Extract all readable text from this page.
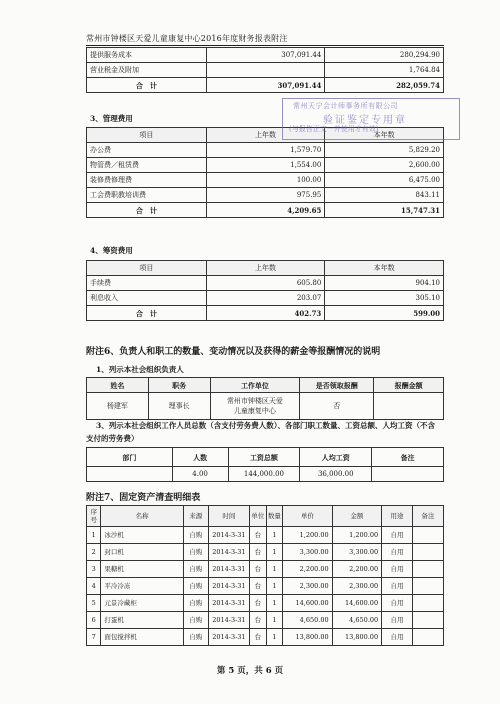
常州市钟楼区天爱儿童康复中心2016年度财务报表附注
提供服务成本	307,091.44	280,294.90
营业税金及附加		1,764.84
合　计	307,091.44	282,059.74
3、管理费用
项目	上年数	本年数
办公费	1,579.70	5,829.20
物管费／租赁费	1,554.00	2,600.00
装修费修理费	100.00	6,475.00
工会费职教培训费	975.95	843.11
合　计	4,209.65	15,747.31
常州天宁会计师事务所有限公司
验证鉴定专用章
(与报告正文一并使用才有效)
4、筹资费用
项目	上年数	本年数
手续费	605.80	904.10
利息收入	203.07	305.10
合　计	402.73	599.00
附注6、负责人和职工的数量、变动情况以及获得的薪金等报酬情况的说明
1、列示本社会组织负责人
姓名	职务	工作单位	是否领取报酬	报酬金额
杨建军	理事长	常州市钟楼区天爱
儿童康复中心	否	
3、列示本社会组织工作人员总数（含支付劳务费人数）、各部门职工数量、工资总额、人均工资（不含
支付的劳务费）
部门	人数	工资总额	人均工资	备注
	4.00	144,000.00	36,000.00	
附注7、固定资产清查明细表
序号	名称	来源	时间	单位	数量	单价	金额	用途	备注
1	冰沙机	自购	2014-3-31	台	1	1,200.00	1,200.00	自用	
2	封口机	自购	2014-3-31	台	1	3,300.00	3,300.00	自用	
3	果糖机	自购	2014-3-31	台	1	2,200.00	2,200.00	自用	
4	平冷冷冻	自购	2014-3-31	台	1	2,300.00	2,300.00	自用	
5	元景冷藏柜	自购	2014-3-31	台	1	14,600.00	14,600.00	自用	
6	打蛋机	自购	2014-3-31	台	1	4,650.00	4,650.00	自用	
7	面包搅拌机	自购	2014-3-31	台	1	13,800.00	13,800.00	自用	
第 5 页，共 6 页
